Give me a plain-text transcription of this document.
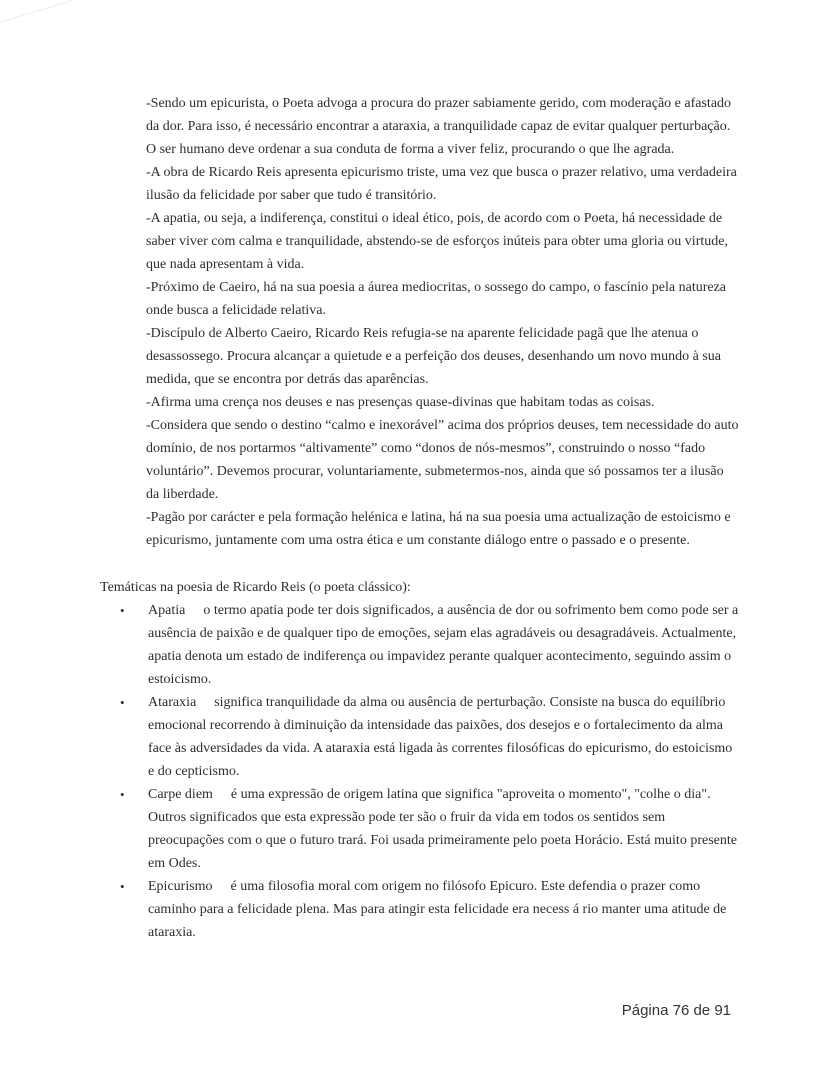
-Sendo um epicurista, o Poeta advoga a procura do prazer sabiamente gerido, com moderação e afastado da dor. Para isso, é necessário encontrar a ataraxia, a tranquilidade capaz de evitar qualquer perturbação. O ser humano deve ordenar a sua conduta de forma a viver feliz, procurando o que lhe agrada.

-A obra de Ricardo Reis apresenta epicurismo triste, uma vez que busca o prazer relativo, uma verdadeira ilusão da felicidade por saber que tudo é transitório.

-A apatia, ou seja, a indiferença, constitui o ideal ético, pois, de acordo com o Poeta, há necessidade de saber viver com calma e tranquilidade, abstendo-se de esforços inúteis para obter uma gloria ou virtude, que nada apresentam à vida.

-Próximo de Caeiro, há na sua poesia a áurea mediocritas, o sossego do campo, o fascínio pela natureza onde busca a felicidade relativa.

-Discípulo de Alberto Caeiro, Ricardo Reis refugia-se na aparente felicidade pagã que lhe atenua o desassossego. Procura alcançar a quietude e a perfeição dos deuses, desenhando um novo mundo à sua medida, que se encontra por detrás das aparências.

-Afirma uma crença nos deuses e nas presenças quase-divinas que habitam todas as coisas.

-Considera que sendo o destino “calmo e inexorável” acima dos próprios deuses, tem necessidade do auto domínio, de nos portarmos “altivamente” como “donos de nós-mesmos”, construindo o nosso “fado voluntário”. Devemos procurar, voluntariamente, submetermos-nos, ainda que só possamos ter a ilusão da liberdade.

-Pagão por carácter e pela formação helénica e latina, há na sua poesia uma actualização de estoicismo e epicurismo, juntamente com uma ostra ética e um constante diálogo entre o passado e o presente.

Temáticas na poesia de Ricardo Reis (o poeta clássico):

• Apatia o termo apatia pode ter dois significados, a ausência de dor ou sofrimento bem como pode ser a ausência de paixão e de qualquer tipo de emoções, sejam elas agradáveis ou desagradáveis. Actualmente, apatia denota um estado de indiferença ou impavidez perante qualquer acontecimento, seguindo assim o estoicismo.
• Ataraxia significa tranquilidade da alma ou ausência de perturbação. Consiste na busca do equilíbrio emocional recorrendo à diminuição da intensidade das paixões, dos desejos e o fortalecimento da alma face às adversidades da vida. A ataraxia está ligada às correntes filosóficas do epicurismo, do estoicismo e do cepticismo.
• Carpe diem é uma expressão de origem latina que significa "aproveita o momento", "colhe o dia". Outros significados que esta expressão pode ter são o fruir da vida em todos os sentidos sem preocupações com o que o futuro trará. Foi usada primeiramente pelo poeta Horácio. Está muito presente em Odes.
• Epicurismo é uma filosofia moral com origem no filósofo Epicuro. Este defendia o prazer como caminho para a felicidade plena. Mas para atingir esta felicidade era necess á rio manter uma atitude de ataraxia.
Página 76 de 91
